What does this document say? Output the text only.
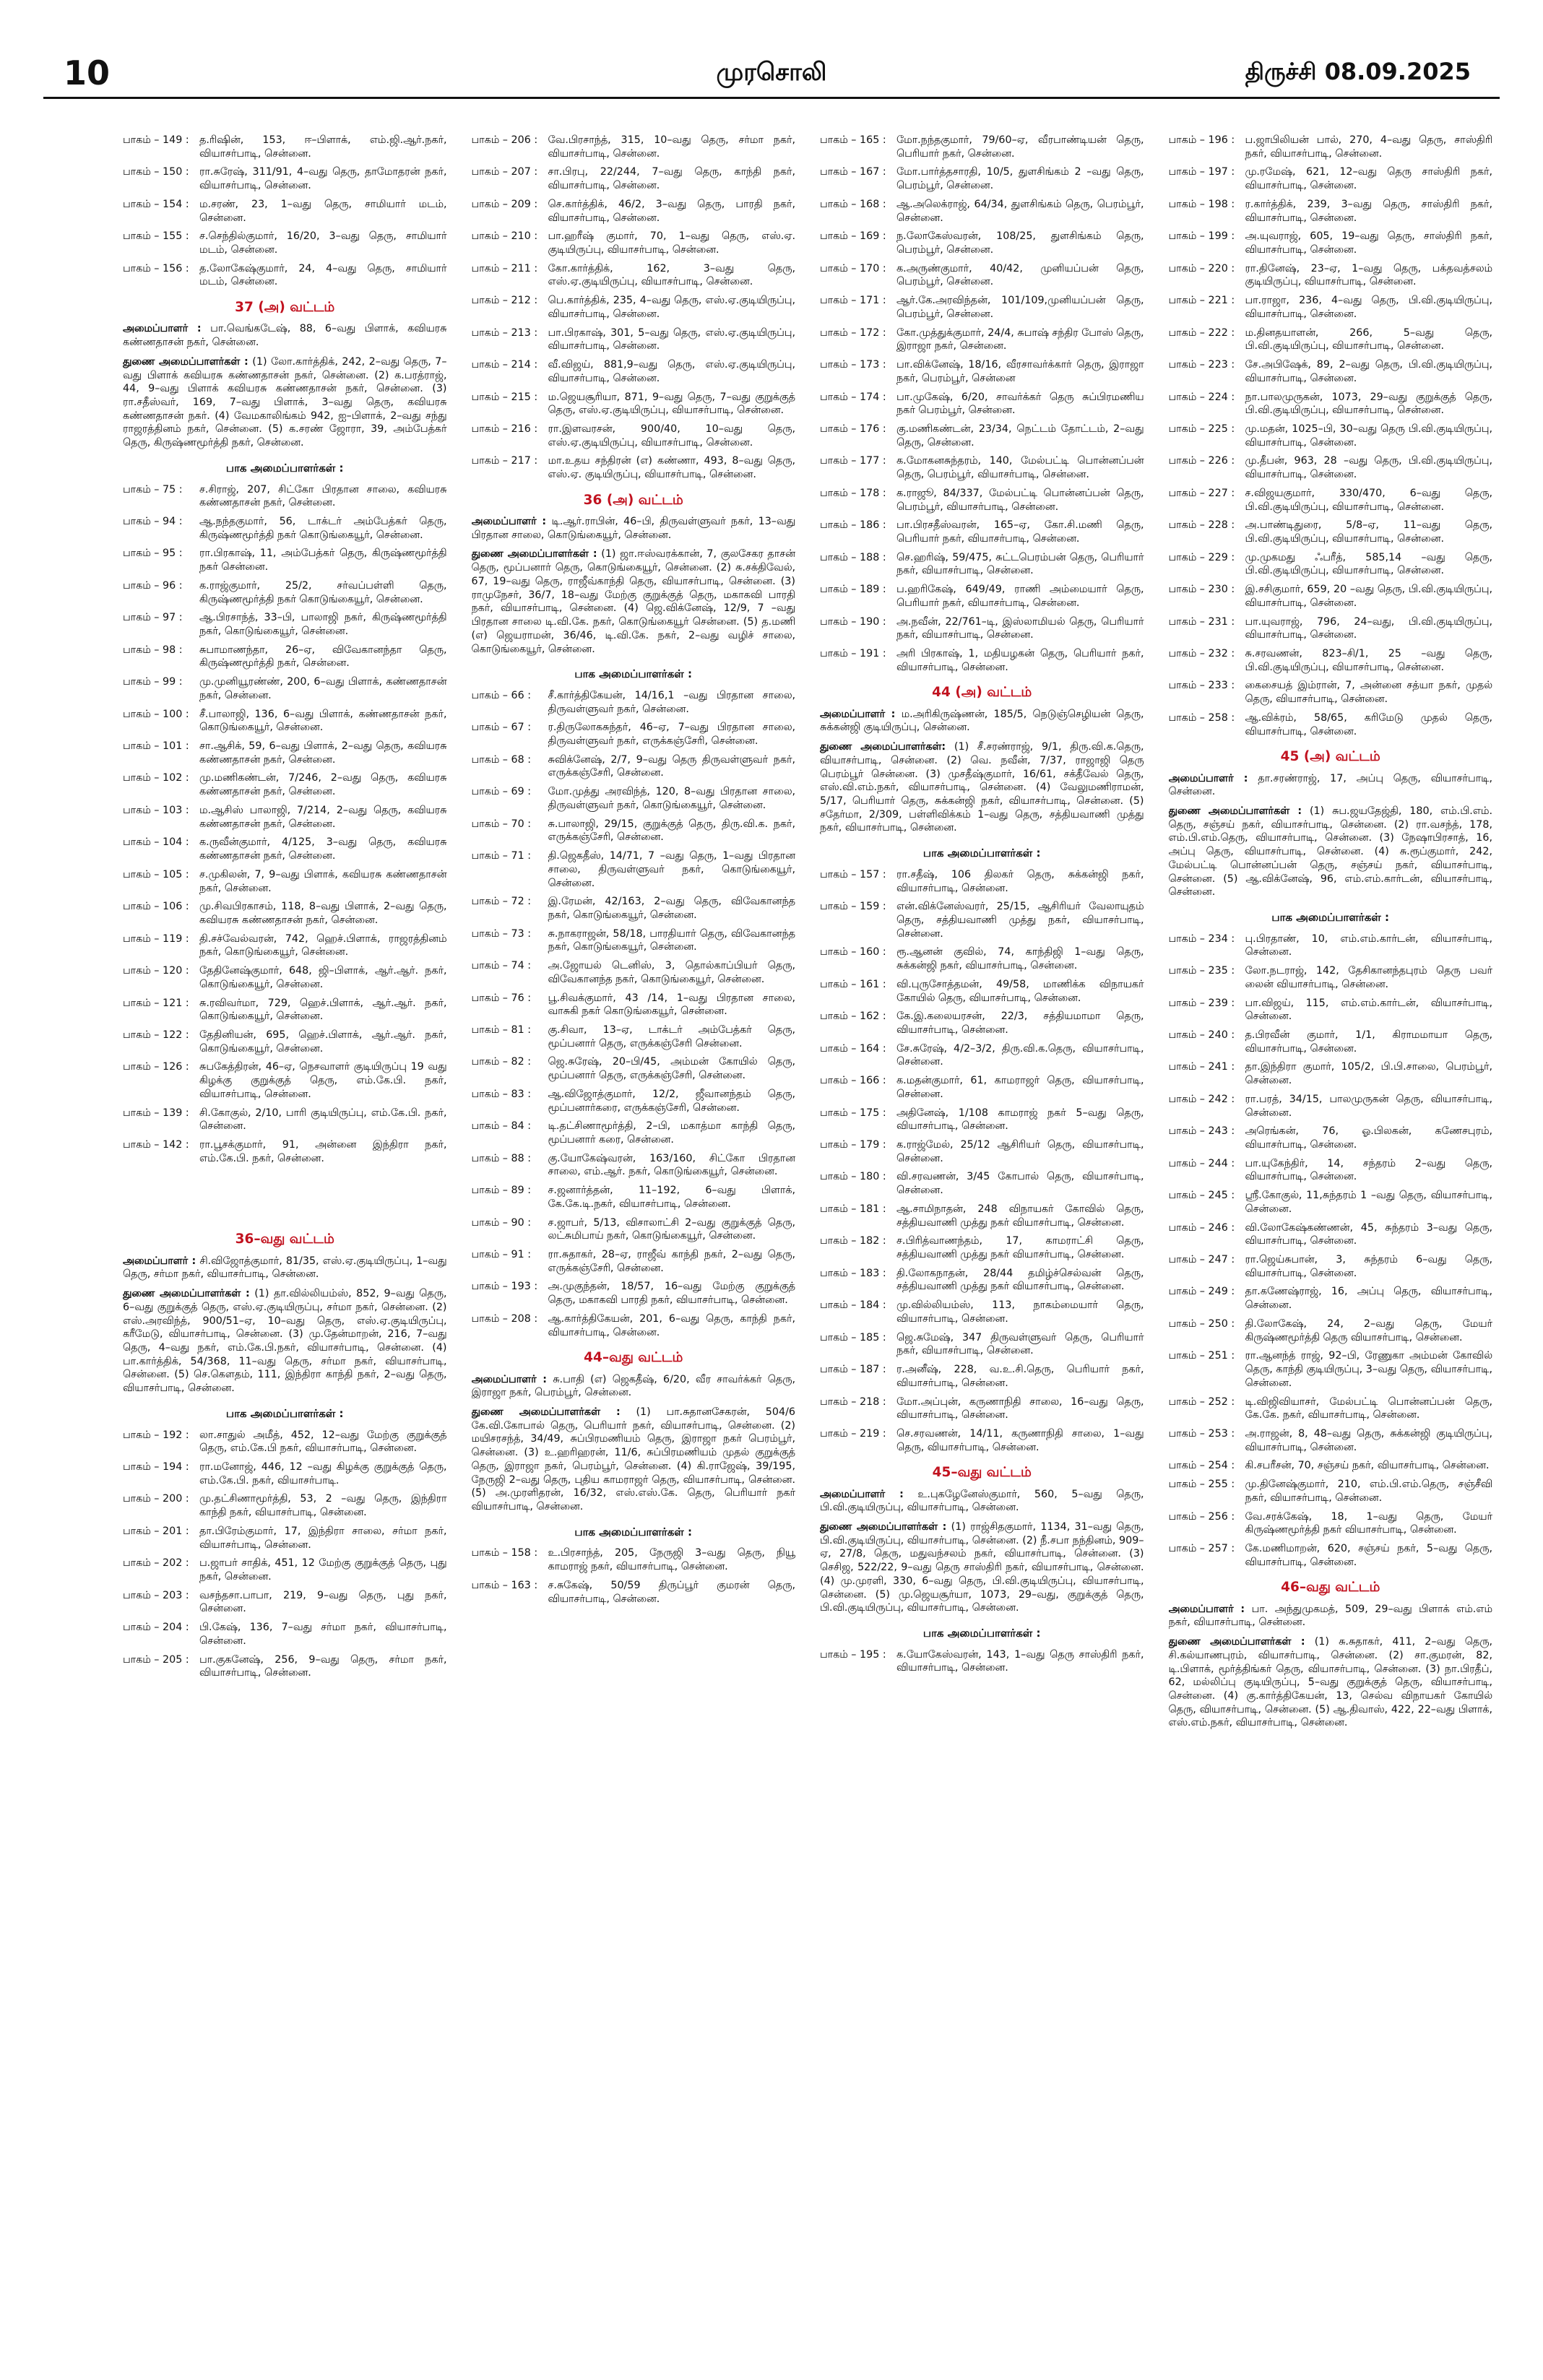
10	முரசொலி	திருச்சி 08.09.2025
பாகம் – 149 :	த.ரிஷின், 153, ஈ–பிளாக், எம்.ஜி.ஆர்.நகர், வியாசர்பாடி, சென்னை.
பாகம் – 150 :	ரா.சுரேஷ், 311/91, 4–வது தெரு, தாமோதரன் நகர், வியாசர்பாடி, சென்னை.
பாகம் – 154 :	ம.சரண், 23, 1–வது தெரு, சாமியார் மடம், சென்னை.
பாகம் – 155 :	ச.செந்தில்குமார், 16/20, 3–வது தெரு, சாமியார் மடம், சென்னை.
பாகம் – 156 :	த.லோகேஷ்குமார், 24, 4–வது தெரு, சாமியார் மடம், சென்னை.
37 (அ) வட்டம்
அமைப்பாளர் : பா.வெங்கடேஷ், 88, 6–வது பிளாக், கவியரசு கண்ணதாசன் நகர், சென்னை.
துணை அமைப்பாளர்கள் : (1) லோ.கார்த்திக், 242, 2–வது தெரு, 7–வது பிளாக் கவியரசு கண்ணதாசன் நகர், சென்னை. (2) க.பரத்ராஜ், 44, 9–வது பிளாக் கவியரசு கண்ணதாசன் நகர், சென்னை. (3) ரா.சதீஸ்வர், 169, 7–வது பிளாக், 3–வது தெரு, கவியரசு கண்ணதாசன் நகர். (4) வேமகாலிங்கம் 942, ஐ–பிளாக், 2–வது சந்து ராஜரத்தினம் நகர், சென்னை. (5) க.சரண் ஜோரா, 39, அம்பேத்கர் தெரு, கிருஷ்ணமூர்த்தி நகர், சென்னை.
பாக அமைப்பாளர்கள் :
பாகம் – 75 :	ச.சிராஜ், 207, சிட்கோ பிரதான சாலை, கவியரசு கண்ணதாசன் நகர், சென்னை.
பாகம் – 94 :	ஆ.நந்தகுமார், 56, டாக்டர் அம்பேத்கர் தெரு, கிருஷ்ணமூர்த்தி நகர் கொடுங்கையூர், சென்னை.
பாகம் – 95 :	ரா.பிரகாஷ், 11, அம்பேத்கர் தெரு, கிருஷ்ணமூர்த்தி நகர் சென்னை.
பாகம் – 96 :	க.ராஜ்குமார், 25/2, சர்வப்பள்ளி தெரு, கிருஷ்ணமூர்த்தி நகர் கொடுங்கையூர், சென்னை.
பாகம் – 97 :	ஆ.பிரசாந்த், 33–பி, பாலாஜி நகர், கிருஷ்ணமூர்த்தி நகர், கொடுங்கையூர், சென்னை.
பாகம் – 98 :	சுபாமாணந்தா, 26–ஏ, விவேகானந்தா தெரு, கிருஷ்ணமூர்த்தி நகர், சென்னை.
பாகம் – 99 :	மு.முனியூரண்ண், 200, 6–வது பிளாக், கண்ணதாசன் நகர், சென்னை.
பாகம் – 100 :	சீ.பாலாஜி, 136, 6–வது பிளாக், கண்ணதாசன் நகர், கொடுங்கையூர், சென்னை.
பாகம் – 101 :	சா.ஆசிக், 59, 6–வது பிளாக், 2–வது தெரு, கவியரசு கண்ணதாசன் நகர், சென்னை.
பாகம் – 102 :	மு.மணிகண்டன், 7/246, 2–வது தெரு, கவியரசு கண்ணதாசன் நகர், சென்னை.
பாகம் – 103 :	ம.ஆசிஸ் பாலாஜி, 7/214, 2–வது தெரு, கவியரசு கண்ணதாசன் நகர், சென்னை.
பாகம் – 104 :	க.ருவீன்குமார், 4/125, 3–வது தெரு, கவியரசு கண்ணதாசன் நகர், சென்னை.
பாகம் – 105 :	ச.முகிலன், 7, 9–வது பிளாக், கவியரசு கண்ணதாசன் நகர், சென்னை.
பாகம் – 106 :	மு.சிவபிரகாசம், 118, 8–வது பிளாக், 2–வது தெரு, கவியரசு கண்ணதாசன் நகர், சென்னை.
பாகம் – 119 :	தி.சச்வேல்வரன், 742, ஹெச்.பிளாக், ராஜரத்தினம் நகர், கொடுங்கையூர், சென்னை.
பாகம் – 120 :	தேதினேஷ்குமார், 648, ஜி–பிளாக், ஆர்.ஆர். நகர், கொடுங்கையூர், சென்னை.
பாகம் – 121 :	சு.ரவிவர்மா, 729, ஹெச்.பிளாக், ஆர்.ஆர். நகர், கொடுங்கையூர், சென்னை.
பாகம் – 122 :	தேதினியன், 695, ஹெச்.பிளாக், ஆர்.ஆர். நகர், கொடுங்கையூர், சென்னை.
பாகம் – 126 :	சுபகேத்திரன், 46–ஏ, நெசவாளர் குடியிருப்பு 19 வது கிழக்கு குறுக்குத் தெரு, எம்.கே.பி. நகர், வியாசர்பாடி, சென்னை.
பாகம் – 139 :	சி.கோகுல், 2/10, பாரி குடியிருப்பு, எம்.கே.பி. நகர், சென்னை.
பாகம் – 142 :	ரா.பூசக்குமார், 91, அன்னை இந்திரா நகர், எம்.கே.பி. நகர், சென்னை.
36–வது வட்டம்
அமைப்பாளர் : சி.விஜோத்குமார், 81/35, எஸ்.ஏ.குடியிருப்பு, 1–வது தெரு, சர்மா நகர், வியாசர்பாடி, சென்னை.
துணை அமைப்பாளர்கள் : (1) தா.வில்லியம்ஸ், 852, 9–வது தெரு, 6–வது குறுக்குத் தெரு, எஸ்.ஏ.குடியிருப்பு, சர்மா நகர், சென்னை. (2) எஸ்.அரவிந்த், 900/51–ஏ, 10–வது தெரு, எஸ்.ஏ.குடியிருப்பு, கரீமேடு, வியாசர்பாடி, சென்னை. (3) மு.தேன்மாறன், 216, 7–வது தெரு, 4–வது நகர், எம்.கே.பி.நகர், வியாசர்பாடி, சென்னை. (4) பா.கார்த்திக், 54/368, 11–வது தெரு, சர்மா நகர், வியாசர்பாடி, சென்னை. (5) செ.கௌதம், 111, இந்திரா காந்தி நகர், 2–வது தெரு, வியாசர்பாடி, சென்னை.
பாக அமைப்பாளர்கள் :
பாகம் – 192 :	லா.சாதுல் அமீத், 452, 12–வது மேற்கு குறுக்குத் தெரு, எம்.கே.பி நகர், வியாசர்பாடி, சென்னை.
பாகம் – 194 :	ரா.மனோஜ், 446, 12 –வது கிழக்கு குறுக்குத் தெரு, எம்.கே.பி. நகர், வியாசர்பாடி.
பாகம் – 200 :	மு.தட்சிணாமூர்த்தி, 53, 2 –வது தெரு, இந்திரா காந்தி நகர், வியாசர்பாடி, சென்னை.
பாகம் – 201 :	தா.பிரேம்குமார், 17, இந்திரா சாலை, சர்மா நகர், வியாசர்பாடி, சென்னை.
பாகம் – 202 :	ப.ஜாபர் சாதிக், 451, 12 மேற்கு குறுக்குத் தெரு, புது நகர், சென்னை.
பாகம் – 203 :	வசந்தசா.பாபா, 219, 9–வது தெரு, புது நகர், சென்னை.
பாகம் – 204 :	பி.கேஷ், 136, 7–வது சர்மா நகர், வியாசர்பாடி, சென்னை.
பாகம் – 205 :	பா.குகனேஷ், 256, 9–வது தெரு, சர்மா நகர், வியாசர்பாடி, சென்னை.
பாகம் – 206 :	வே.பிரசாந்த், 315, 10–வது தெரு, சர்மா நகர், வியாசர்பாடி, சென்னை.
பாகம் – 207 :	சா.பிரபு, 22/244, 7–வது தெரு, காந்தி நகர், வியாசர்பாடி, சென்னை.
பாகம் – 209 :	செ.கார்த்திக், 46/2, 3–வது தெரு, பாரதி நகர், வியாசர்பாடி, சென்னை.
பாகம் – 210 :	பா.ஹரீஷ் குமார், 70, 1–வது தெரு, எஸ்.ஏ. குடியிருப்பு, வியாசர்பாடி, சென்னை.
பாகம் – 211 :	கோ.கார்த்திக், 162, 3–வது தெரு, எஸ்.ஏ.குடியிருப்பு, வியாசர்பாடி, சென்னை.
பாகம் – 212 :	பெ.கார்த்திக், 235, 4–வது தெரு, எஸ்.ஏ.குடியிருப்பு, வியாசர்பாடி, சென்னை.
பாகம் – 213 :	பா.பிரகாஷ், 301, 5–வது தெரு, எஸ்.ஏ.குடியிருப்பு, வியாசர்பாடி, சென்னை.
பாகம் – 214 :	வீ.விஜய், 881,9–வது தெரு, எஸ்.ஏ.குடியிருப்பு, வியாசர்பாடி, சென்னை.
பாகம் – 215 :	ம.ஜெயசூரியா, 871, 9–வது தெரு, 7–வது குறுக்குத் தெரு, எஸ்.ஏ.குடியிருப்பு, வியாசர்பாடி, சென்னை.
பாகம் – 216 :	ரா.இளவரசன், 900/40, 10–வது தெரு, எஸ்.ஏ.குடியிருப்பு, வியாசர்பாடி, சென்னை.
பாகம் – 217 :	மா.உதய சந்திரன் (எ) கண்ணா, 493, 8–வது தெரு, எஸ்.ஏ. குடியிருப்பு, வியாசர்பாடி, சென்னை.
36 (அ) வட்டம்
அமைப்பாளர் : டி.ஆர்.ராபின், 46–பி, திருவள்ளுவர் நகர், 13–வது பிரதான சாலை, கொடுங்கையூர், சென்னை.
துணை அமைப்பாளர்கள் : (1) ஜா.ஈஸ்வரக்கான், 7, குலசேகர தாசன் தெரு, மூப்பனார் தெரு, கொடுங்கையூர், சென்னை. (2) சு.சக்திவேல், 67, 19–வது தெரு, ராஜீவ்காந்தி தெரு, வியாசர்பாடி, சென்னை. (3) ராமுநேசர், 36/7, 18–வது மேற்கு குறுக்குத் தெரு, மகாகவி பாரதி நகர், வியாசர்பாடி, சென்னை. (4) ஜெ.விக்னேஷ், 12/9, 7 –வது பிரதான சாலை டி.வி.கே. நகர், கொடுங்கையூர் சென்னை. (5) த.மணி (எ) ஜெயராமன், 36/46, டி.வி.கே. நகர், 2–வது வழிச் சாலை, கொடுங்கையூர், சென்னை.
பாக அமைப்பாளர்கள் :
பாகம் – 66 :	சீ.கார்த்திகேயன், 14/16,1 –வது பிரதான சாலை, திருவள்ளுவர் நகர், சென்னை.
பாகம் – 67 :	ர.திருலோகசுந்தர், 46–ஏ, 7–வது பிரதான சாலை, திருவள்ளுவர் நகர், எருக்கஞ்சேரி, சென்னை.
பாகம் – 68 :	சுவிக்னேஷ், 2/7, 9–வது தெரு திருவள்ளுவர் நகர், எருக்கஞ்சேரி, சென்னை.
பாகம் – 69 :	மோ.முத்து அரவிந்த், 120, 8–வது பிரதான சாலை, திருவள்ளுவர் நகர், கொடுங்கையூர், சென்னை.
பாகம் – 70 :	சு.பாலாஜி, 29/15, குறுக்குத் தெரு, திரு.வி.க. நகர், எருக்கஞ்சேரி, சென்னை.
பாகம் – 71 :	தி.ஜெகதீஸ், 14/71, 7 –வது தெரு, 1–வது பிரதான சாலை, திருவள்ளுவர் நகர், கொடுங்கையூர், சென்னை.
பாகம் – 72 :	இ.ரேமன், 42/163, 2–வது தெரு, விவேகானந்த நகர், கொடுங்கையூர், சென்னை.
பாகம் – 73 :	சு.நாகராஜன், 58/18, பாரதியார் தெரு, விவேகானந்த நகர், கொடுங்கையூர், சென்னை.
பாகம் – 74 :	அ.ஜோயல் டெனிஸ், 3, தொல்காப்பியர் தெரு, விவேகானந்த நகர், கொடுங்கையூர், சென்னை.
பாகம் – 76 :	பூ.சிவக்குமார், 43 /14, 1–வது பிரதான சாலை, வாசுகி நகர் கொடுங்கையூர், சென்னை.
பாகம் – 81 :	கு.சிவா, 13–ஏ, டாக்டர் அம்பேத்கர் தெரு, மூப்பனார் தெரு, எருக்கஞ்சேரி சென்னை.
பாகம் – 82 :	ஜெ.சுரேஷ், 20–பி/45, அம்மன் கோயில் தெரு, மூப்பனார் தெரு, எருக்கஞ்சேரி, சென்னை.
பாகம் – 83 :	ஆ.விஜோத்குமார், 12/2, ஜீவானந்தம் தெரு, மூப்பனார்கரை, எருக்கஞ்சேரி, சென்னை.
பாகம் – 84 :	டி.தட்சிணாமூர்த்தி, 2–பி, மகாத்மா காந்தி தெரு, மூப்பனார் கரை, சென்னை.
பாகம் – 88 :	கு.யோகேஷ்வரன், 163/160, சிட்கோ பிரதான சாலை, எம்.ஆர். நகர், கொடுங்கையூர், சென்னை.
பாகம் – 89 :	ச.ஜனார்த்தன், 11–192, 6–வது பிளாக், கே.கே.டி.நகர், வியாசர்பாடி, சென்னை.
பாகம் – 90 :	ச.ஜாபர், 5/13, விசாலாட்சி 2–வது குறுக்குத் தெரு, லட்சுமிபாய் நகர், கொடுங்கையூர், சென்னை.
பாகம் – 91 :	ரா.சுதாகர், 28–ஏ, ராஜீவ் காந்தி நகர், 2–வது தெரு, எருக்கஞ்சேரி, சென்னை.
பாகம் – 193 :	அ.முகுந்தன், 18/57, 16–வது மேற்கு குறுக்குத் தெரு, மகாகவி பாரதி நகர், வியாசர்பாடி, சென்னை.
பாகம் – 208 :	ஆ.கார்த்திகேயன், 201, 6–வது தெரு, காந்தி நகர், வியாசர்பாடி, சென்னை.
44–வது வட்டம்
அமைப்பாளர் : சு.பாதி (எ) ஜெகதீஷ், 6/20, வீர சாவர்க்கர் தெரு, இராஜா நகர், பெரம்பூர், சென்னை.
துணை அமைப்பாளர்கள் : (1) பா.சுதானசேகரன், 504/6 கே.வி.கோபால் தெரு, பெரியார் நகர், வியாசர்பாடி, சென்னை. (2) மயிசரசந்த், 34/49, சுப்பிரமணியம் தெரு, இராஜா நகர் பெரம்பூர், சென்னை. (3) உ.ஹரிஹரன், 11/6, சுப்பிரமணியம் முதல் குறுக்குத் தெரு, இராஜா நகர், பெரம்பூர், சென்னை. (4) கி.ராஜேஷ், 39/195, நேருஜி 2–வது தெரு, புதிய காமராஜர் தெரு, வியாசர்பாடி, சென்னை. (5) அ.முரளிதரன், 16/32, எஸ்.எஸ்.கே. தெரு, பெரியார் நகர் வியாசர்பாடி, சென்னை.
பாக அமைப்பாளர்கள் :
பாகம் – 158 :	உ.பிரசாந்த், 205, நேருஜி 3–வது தெரு, நியூ காமராஜ் நகர், வியாசர்பாடி, சென்னை.
பாகம் – 163 :	ச.சுகேஷ், 50/59 திருப்பூர் குமரன் தெரு, வியாசர்பாடி, சென்னை.
பாகம் – 165 :	மோ.நந்தகுமார், 79/60–ஏ, வீரபாண்டியன் தெரு, பெரியார் நகர், சென்னை.
பாகம் – 167 :	மோ.பார்த்தசாரதி, 10/5, துளசிங்கம் 2 –வது தெரு, பெரம்பூர், சென்னை.
பாகம் – 168 :	ஆ.அலெக்ராஜ், 64/34, துளசிங்கம் தெரு, பெரம்பூர், சென்னை.
பாகம் – 169 :	ந.லோகேஸ்வரன், 108/25, துளசிங்கம் தெரு, பெரம்பூர், சென்னை.
பாகம் – 170 :	க.அருண்குமார், 40/42, முனியப்பன் தெரு, பெரம்பூர், சென்னை.
பாகம் – 171 :	ஆர்.கே.அரவிந்தன், 101/109,முனியப்பன் தெரு, பெரம்பூர், சென்னை.
பாகம் – 172 :	கோ.முத்துக்குமார், 24/4, சுபாஷ் சந்திர போஸ் தெரு, இராஜா நகர், சென்னை.
பாகம் – 173 :	பா.விக்னேஷ், 18/16, வீரசாவர்க்கார் தெரு, இராஜா நகர், பெரம்பூர், சென்னை
பாகம் – 174 :	பா.முகேஷ், 6/20, சாவர்க்கர் தெரு சுப்பிரமணிய நகர் பெரம்பூர், சென்னை.
பாகம் – 176 :	கு.மணிகண்டன், 23/34, நெட்டம் தோட்டம், 2–வது தெரு, சென்னை.
பாகம் – 177 :	க.மோகனசுந்தரம், 140, மேல்பட்டி பொன்னப்பன் தெரு, பெரம்பூர், வியாசர்பாடி, சென்னை.
பாகம் – 178 :	க.ராஜூ, 84/337, மேல்பட்டி பொன்னப்பன் தெரு, பெரம்பூர், வியாசர்பாடி, சென்னை.
பாகம் – 186 :	பா.பிரசதீஸ்வரன், 165–ஏ, கோ.சி.மணி தெரு, பெரியார் நகர், வியாசர்பாடி, சென்னை.
பாகம் – 188 :	செ.ஹரிஷ், 59/475, சுட்டபெரம்பன் தெரு, பெரியார் நகர், வியாசர்பாடி, சென்னை.
பாகம் – 189 :	ப.ஹரிகேஷ், 649/49, ராணி அம்மையார் தெரு, பெரியார் நகர், வியாசர்பாடி, சென்னை.
பாகம் – 190 :	அ.நவீன், 22/761–டி, இஸ்லாமியல் தெரு, பெரியார் நகர், வியாசர்பாடி, சென்னை.
பாகம் – 191 :	அரி பிரகாஷ், 1, மதியழகன் தெரு, பெரியார் நகர், வியாசர்பாடி, சென்னை.
44 (அ) வட்டம்
அமைப்பாளர் : ம.அரிகிருஷ்ணன், 185/5, நெடுஞ்செழியன் தெரு, சுக்கன்ஜி குடியிருப்பு, சென்னை.
துணை அமைப்பாளர்கள்: (1) சீ.சரண்ராஜ், 9/1, திரு.வி.க.தெரு, வியாசர்பாடி, சென்னை. (2) வெ. நவீன், 7/37, ராஜாஜி தெரு பெரம்பூர் சென்னை. (3) முசதீஷ்குமார், 16/61, சக்தீவேல் தெரு, எஸ்.வி.எம்.நகர், வியாசர்பாடி, சென்னை. (4) வேலுமணிராமன், 5/17, பெரியார் தெரு, சுக்கன்ஜி நகர், வியாசர்பாடி, சென்னை. (5) சதேர்மா, 2/309, பள்ளிவிக்கம் 1–வது தெரு, சத்தியவாணி முத்து நகர், வியாசர்பாடி, சென்னை.
பாக அமைப்பாளர்கள் :
பாகம் – 157 :	ரா.சதீஷ், 106 திலகர் தெரு, சுக்கன்ஜி நகர், வியாசர்பாடி, சென்னை.
பாகம் – 159 :	என்.விக்னேஸ்வரர், 25/15, ஆசிரியர் வேலாயுதம் தெரு, சத்தியவாணி முத்து நகர், வியாசர்பாடி, சென்னை.
பாகம் – 160 :	ரூ.ஆனன் குவில், 74, காந்திஜி 1–வது தெரு, சுக்கன்ஜி நகர், வியாசர்பாடி, சென்னை.
பாகம் – 161 :	வி.புருசோத்தமன், 49/58, மாணிக்க விநாயகர் கோயில் தெரு, வியாசர்பாடி, சென்னை.
பாகம் – 162 :	கே.இ.கலையரசன், 22/3, சத்தியமாமா தெரு, வியாசர்பாடி, சென்னை.
பாகம் – 164 :	சே.சுரேஷ், 4/2–3/2, திரு.வி.க.தெரு, வியாசர்பாடி, சென்னை.
பாகம் – 166 :	க.மதன்குமார், 61, காமராஜர் தெரு, வியாசர்பாடி, சென்னை.
பாகம் – 175 :	அதினேஷ், 1/108 காமராஜ் நகர் 5–வது தெரு, வியாசர்பாடி, சென்னை.
பாகம் – 179 :	க.ராஜ்மேல், 25/12 ஆசிரியர் தெரு, வியாசர்பாடி, சென்னை.
பாகம் – 180 :	வி.சரவணன், 3/45 கோபால் தெரு, வியாசர்பாடி, சென்னை.
பாகம் – 181 :	ஆ.சாமிநாதன், 248 விநாயகர் கோவில் தெரு, சத்தியவாணி முத்து நகர் வியாசர்பாடி, சென்னை.
பாகம் – 182 :	ச.பிரித்வாணந்தம், 17, காமராட்சி தெரு, சத்தியவாணி முத்து நகர் வியாசர்பாடி, சென்னை.
பாகம் – 183 :	தி.லோகநாதன், 28/44 தமிழ்ச்செல்வன் தெரு, சத்தியவாணி முத்து நகர் வியாசர்பாடி, சென்னை.
பாகம் – 184 :	மு.வில்லியம்ஸ், 113, நாகம்மையார் தெரு, வியாசர்பாடி, சென்னை.
பாகம் – 185 :	ஜெ.சுமேஷ், 347 திருவள்ளுவர் தெரு, பெரியார் நகர், வியாசர்பாடி, சென்னை.
பாகம் – 187 :	ர.அனீஷ், 228, வ.உ.சி.தெரு, பெரியார் நகர், வியாசர்பாடி, சென்னை.
பாகம் – 218 :	மோ.அப்புன், கருணாநிதி சாலை, 16–வது தெரு, வியாசர்பாடி, சென்னை.
பாகம் – 219 :	செ.சரவணன், 14/11, கருணாநிதி சாலை, 1–வது தெரு, வியாசர்பாடி, சென்னை.
45–வது வட்டம்
அமைப்பாளர் : உ.புகழேனேஸ்குமார், 560, 5–வது தெரு, பி.வி.குடியிருப்பு, வியாசர்பாடி, சென்னை.
துணை அமைப்பாளர்கள் : (1) ராஜ்சிதகுமார், 1134, 31–வது தெரு, பி.வி.குடியிருப்பு, வியாசர்பாடி, சென்னை. (2) நீ.சபா நந்தினம், 909–ஏ, 27/8, தெரு, மதுவந்சலம் நகர், வியாசர்பாடி, சென்னை. (3) செசிஜ, 522/22, 9–வது தெரு சாஸ்திரி நகர், வியாசர்பாடி, சென்னை. (4) மு.முரளி, 330, 6–வது தெரு, பி.வி.குடியிருப்பு, வியாசர்பாடி, சென்னை. (5) மு.ஜெயசூர்யா, 1073, 29–வது, குறுக்குத் தெரு, பி.வி.குடியிருப்பு, வியாசர்பாடி, சென்னை.
பாக அமைப்பாளர்கள் :
பாகம் – 195 :	க.யோகேஸ்வரன், 143, 1–வது தெரு சாஸ்திரி நகர், வியாசர்பாடி, சென்னை.
பாகம் – 196 :	ப.ஜாபிலியன் பால், 270, 4–வது தெரு, சாஸ்திரி நகர், வியாசர்பாடி, சென்னை.
பாகம் – 197 :	மு.ரமேஷ், 621, 12–வது தெரு சாஸ்திரி நகர், வியாசர்பாடி, சென்னை.
பாகம் – 198 :	ர.கார்த்திக், 239, 3–வது தெரு, சாஸ்திரி நகர், வியாசர்பாடி, சென்னை.
பாகம் – 199 :	அ.யுவராஜ், 605, 19–வது தெரு, சாஸ்திரி நகர், வியாசர்பாடி, சென்னை.
பாகம் – 220 :	ரா.தினேஷ், 23–ஏ, 1–வது தெரு, பக்தவத்சலம் குடியிருப்பு, வியாசர்பாடி, சென்னை.
பாகம் – 221 :	பா.ராஜா, 236, 4–வது தெரு, பி.வி.குடியிருப்பு, வியாசர்பாடி, சென்னை.
பாகம் – 222 :	ம.தினதயாளன், 266, 5–வது தெரு, பி.வி.குடியிருப்பு, வியாசர்பாடி, சென்னை.
பாகம் – 223 :	சே.அபிஷேக், 89, 2–வது தெரு, பி.வி.குடியிருப்பு, வியாசர்பாடி, சென்னை.
பாகம் – 224 :	நா.பாலமுருகன், 1073, 29–வது குறுக்குத் தெரு, பி.வி.குடியிருப்பு, வியாசர்பாடி, சென்னை.
பாகம் – 225 :	மு.மதன், 1025–பி, 30–வது தெரு பி.வி.குடியிருப்பு, வியாசர்பாடி, சென்னை.
பாகம் – 226 :	மு.தீபன், 963, 28 –வது தெரு, பி.வி.குடியிருப்பு, வியாசர்பாடி, சென்னை.
பாகம் – 227 :	ச.விஜயகுமார், 330/470, 6–வது தெரு, பி.வி.குடியிருப்பு, வியாசர்பாடி, சென்னை.
பாகம் – 228 :	அ.பாண்டிதுரை, 5/8–ஏ, 11–வது தெரு, பி.வி.குடியிருப்பு, வியாசர்பாடி, சென்னை.
பாகம் – 229 :	மு.முகமது ஃபரீத், 585,14 –வது தெரு, பி.வி.குடியிருப்பு, வியாசர்பாடி, சென்னை.
பாகம் – 230 :	இ.சசிகுமார், 659, 20 –வது தெரு, பி.வி.குடியிருப்பு, வியாசர்பாடி, சென்னை.
பாகம் – 231 :	பா.யுவராஜ், 796, 24–வது, பி.வி.குடியிருப்பு, வியாசர்பாடி, சென்னை.
பாகம் – 232 :	சு.சரவணன், 823–சி/1, 25 –வது தெரு, பி.வி.குடியிருப்பு, வியாசர்பாடி, சென்னை.
பாகம் – 233 :	கைசையத் இம்ரான், 7, அன்னை சத்யா நகர், முதல் தெரு, வியாசர்பாடி, சென்னை.
பாகம் – 258 :	ஆ.விக்ரம், 58/65, கரிமேடு முதல் தெரு, வியாசர்பாடி, சென்னை.
45 (அ) வட்டம்
அமைப்பாளர் : தா.சரண்ராஜ், 17, அப்பு தெரு, வியாசர்பாடி, சென்னை.
துணை அமைப்பாளர்கள் : (1) சுப.ஜயதேஜ்தி, 180, எம்.பி.எம். தெரு, சஞ்சய் நகர், வியாசர்பாடி, சென்னை. (2) ரா.வசந்த், 178, எம்.பி.எம்.தெரு, வியாசர்பாடி, சென்னை. (3) நேஷாபிரசாத், 16, அப்பு தெரு, வியாசர்பாடி, சென்னை. (4) சு.ரூப்குமார், 242, மேல்பட்டி பொன்னப்பன் தெரு, சஞ்சய் நகர், வியாசர்பாடி, சென்னை. (5) ஆ.விக்னேஷ், 96, எம்.எம்.கார்டன், வியாசர்பாடி, சென்னை.
பாக அமைப்பாளர்கள் :
பாகம் – 234 :	பு.பிரதாண், 10, எம்.எம்.கார்டன், வியாசர்பாடி, சென்னை.
பாகம் – 235 :	லோ.நடராஜ், 142, தேசிகானந்தபுரம் தெரு பவர் லைன் வியாசர்பாடி, சென்னை.
பாகம் – 239 :	பா.விஜய், 115, எம்.எம்.கார்டன், வியாசர்பாடி, சென்னை.
பாகம் – 240 :	த.பிரவீன் குமார், 1/1, கிராமமாயா தெரு, வியாசர்பாடி, சென்னை.
பாகம் – 241 :	தா.இந்திரா குமார், 105/2, பி.பி.சாலை, பெரம்பூர், சென்னை.
பாகம் – 242 :	ரா.பரத், 34/15, பாலமுருகன் தெரு, வியாசர்பாடி, சென்னை.
பாகம் – 243 :	அரெங்கன், 76, ஓ.பிலகன், கணேசபுரம், வியாசர்பாடி, சென்னை.
பாகம் – 244 :	பா.யுகேந்திர், 14, சந்தரம் 2–வது தெரு, வியாசர்பாடி, சென்னை.
பாகம் – 245 :	ஸ்ரீ.கோகுல், 11,சுந்தரம் 1 –வது தெரு, வியாசர்பாடி, சென்னை.
பாகம் – 246 :	வி.லோகேஷ்கண்ணன், 45, சுந்தரம் 3–வது தெரு, வியாசர்பாடி, சென்னை.
பாகம் – 247 :	ரா.ஜெய்சுபான், 3, சுந்தரம் 6–வது தெரு, வியாசர்பாடி, சென்னை.
பாகம் – 249 :	தா.கணேஷ்ராஜ், 16, அப்பு தெரு, வியாசர்பாடி, சென்னை.
பாகம் – 250 :	தி.லோகேஷ், 24, 2–வது தெரு, மேயர் கிருஷ்ணமூர்த்தி தெரு வியாசர்பாடி, சென்னை.
பாகம் – 251 :	ரா.ஆனந்த் ராஜ், 92–பி, ரேணுகா அம்மன் கோவில் தெரு, காந்தி குடியிருப்பு, 3–வது தெரு, வியாசர்பாடி, சென்னை.
பாகம் – 252 :	டி.விஜிவியாசர், மேல்பட்டி பொன்னப்பன் தெரு, கே.கே. நகர், வியாசர்பாடி, சென்னை.
பாகம் – 253 :	அ.ராஜன், 8, 48–வது தெரு, சுக்கன்ஜி குடியிருப்பு, வியாசர்பாடி, சென்னை.
பாகம் – 254 :	கி.சபரீசன், 70, சஞ்சய் நகர், வியாசர்பாடி, சென்னை.
பாகம் – 255 :	மு.தினேஷ்குமார், 210, எம்.பி.எம்.தெரு, சஞ்சீவி நகர், வியாசர்பாடி, சென்னை.
பாகம் – 256 :	வே.சரக்கேஷ், 18, 1–வது தெரு, மேயர் கிருஷ்ணமூர்த்தி நகர் வியாசர்பாடி, சென்னை.
பாகம் – 257 :	கே.மணிமாறன், 620, சஞ்சய் நகர், 5–வது தெரு, வியாசர்பாடி, சென்னை.
46–வது வட்டம்
அமைப்பாளர் : பா. அந்துமுகமத், 509, 29–வது பிளாக் எம்.எம் நகர், வியாசர்பாடி, சென்னை.
துணை அமைப்பாளர்கள் : (1) சு.சுதாகர், 411, 2–வது தெரு, சி.கல்யாணபுரம், வியாசர்பாடி, சென்னை. (2) சா.குமரன், 82, டி.பிளாக், மூர்த்திங்கர் தெரு, வியாசர்பாடி, சென்னை. (3) நா.பிரதீப், 62, மல்லிப்பு குடியிருப்பு, 5–வது குறுக்குத் தெரு, வியாசர்பாடி, சென்னை. (4) கு.கார்த்திகேயன், 13, செல்வ விநாயகர் கோயில் தெரு, வியாசர்பாடி, சென்னை. (5) ஆ.திவாஸ், 422, 22–வது பிளாக், எஸ்.எம்.நகர், வியாசர்பாடி, சென்னை.
